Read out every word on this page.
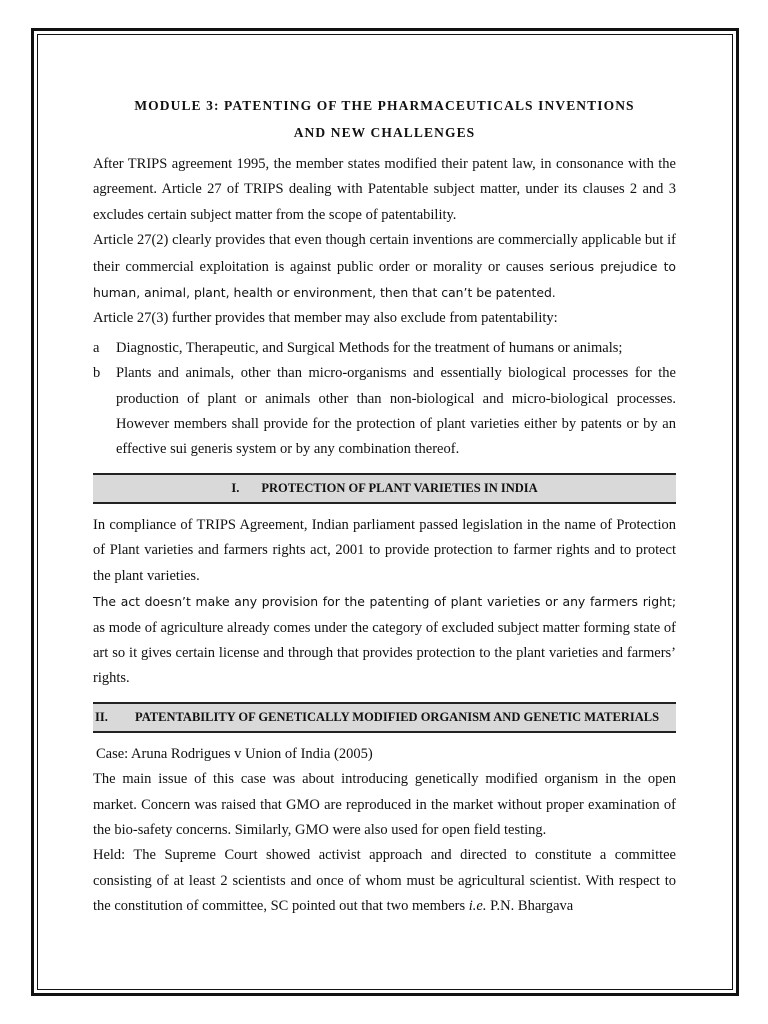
MODULE 3: PATENTING OF THE PHARMACEUTICALS INVENTIONS
AND NEW CHALLENGES

After TRIPS agreement 1995, the member states modified their patent law, in consonance with the agreement. Article 27 of TRIPS dealing with Patentable subject matter, under its clauses 2 and 3 excludes certain subject matter from the scope of patentability.

Article 27(2) clearly provides that even though certain inventions are commercially applicable but if their commercial exploitation is against public order or morality or causes serious prejudice to human, animal, plant, health or environment, then that can’t be patented.

Article 27(3) further provides that member may also exclude from patentability:

a Diagnostic, Therapeutic, and Surgical Methods for the treatment of humans or animals;
b Plants and animals, other than micro-organisms and essentially biological processes for the production of plant or animals other than non-biological and micro-biological processes. However members shall provide for the protection of plant varieties either by patents or by an effective sui generis system or by any combination thereof.
I. PROTECTION OF PLANT VARIETIES IN INDIA

In compliance of TRIPS Agreement, Indian parliament passed legislation in the name of Protection of Plant varieties and farmers rights act, 2001 to provide protection to farmer rights and to protect the plant varieties.

The act doesn’t make any provision for the patenting of plant varieties or any farmers right; as mode of agriculture already comes under the category of excluded subject matter forming state of art so it gives certain license and through that provides protection to the plant varieties and farmers’ rights.

II.	PATENTABILITY OF GENETICALLY MODIFIED ORGANISM AND GENETIC MATERIALS

Case: Aruna Rodrigues v Union of India (2005)

The main issue of this case was about introducing genetically modified organism in the open market. Concern was raised that GMO are reproduced in the market without proper examination of the bio-safety concerns. Similarly, GMO were also used for open field testing.

Held: The Supreme Court showed activist approach and directed to constitute a committee consisting of at least 2 scientists and once of whom must be agricultural scientist. With respect to the constitution of committee, SC pointed out that two members i.e. P.N. Bhargava
